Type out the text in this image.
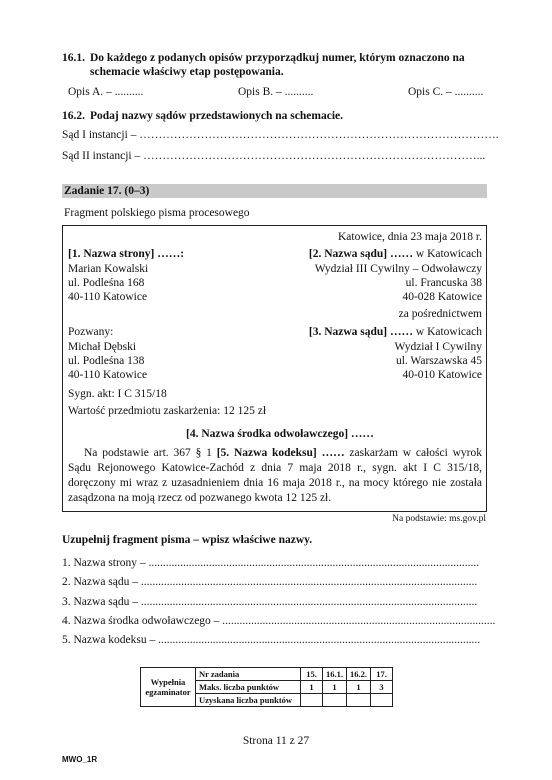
16.1. Do każdego z podanych opisów przyporządkuj numer, którym oznaczono na
schemacie właściwy etap postępowania.
Opis A. – ..........	Opis B. – ..........	Opis C. – ..........
16.2. Podaj nazwy sądów przedstawionych na schemacie.
Sąd I instancji – ………………………………………………………………………………….
Sąd II instancji – ……………………………………………………………………………...
Zadanie 17. (0–3)
Fragment polskiego pisma procesowego
Katowice, dnia 23 maja 2018 r.
[1. Nazwa strony] ……:
Marian Kowalski
ul. Podleśna 168
40-110 Katowice
[2. Nazwa sądu] …… w Katowicach
Wydział III Cywilny – Odwoławczy
ul. Francuska 38
40-028 Katowice
za pośrednictwem
Pozwany:
Michał Dębski
ul. Podleśna 138
40-110 Katowice
[3. Nazwa sądu] …… w Katowicach
Wydział I Cywilny
ul. Warszawska 45
40-010 Katowice
Sygn. akt: I C 315/18
Wartość przedmiotu zaskarżenia: 12 125 zł
[4. Nazwa środka odwoławczego] ……
Na podstawie art. 367 § 1 [5. Nazwa kodeksu] …… zaskarżam w całości wyrok Sądu Rejonowego Katowice-Zachód z dnia 7 maja 2018 r., sygn. akt I C 315/18, doręczony mi wraz z uzasadnieniem dnia 16 maja 2018 r., na mocy którego nie została zasądzona na moją rzecz od pozwanego kwota 12 125 zł.
Na podstawie: ms.gov.pl
Uzupełnij fragment pisma – wpisz właściwe nazwy.
1. Nazwa strony – ...................................................................................................................
2. Nazwa sądu – .....................................................................................................................
3. Nazwa sądu – .....................................................................................................................
4. Nazwa środka odwoławczego – ...............................................................................................
5. Nazwa kodeksu – ................................................................................................................
Wypełnia egzaminator	Nr zadania	15.	16.1.	16.2.	17.
	Maks. liczba punktów	1	1	1	3
	Uzyskana liczba punktów				
Strona 11 z 27
MWO_1R
